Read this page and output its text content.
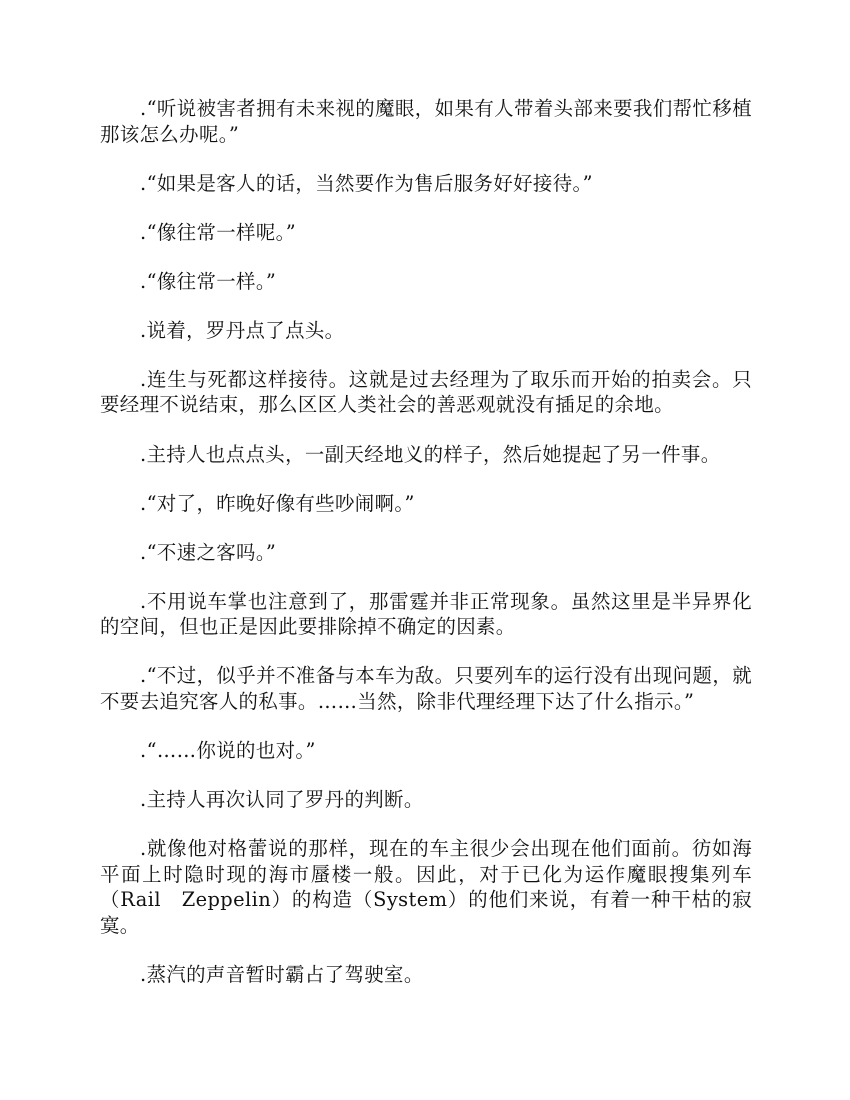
.“听说被害者拥有未来视的魔眼，如果有人带着头部来要我们帮忙移植那该怎么办呢。”

.“如果是客人的话，当然要作为售后服务好好接待。”

.“像往常一样呢。”

.“像往常一样。”

.说着，罗丹点了点头。

.连生与死都这样接待。这就是过去经理为了取乐而开始的拍卖会。只要经理不说结束，那么区区人类社会的善恶观就没有插足的余地。

.主持人也点点头，一副天经地义的样子，然后她提起了另一件事。

.“对了，昨晚好像有些吵闹啊。”

.“不速之客吗。”

.不用说车掌也注意到了，那雷霆并非正常现象。虽然这里是半异界化的空间，但也正是因此要排除掉不确定的因素。

.“不过，似乎并不准备与本车为敌。只要列车的运行没有出现问题，就不要去追究客人的私事。……当然，除非代理经理下达了什么指示。”

.“……你说的也对。”

.主持人再次认同了罗丹的判断。

.就像他对格蕾说的那样，现在的车主很少会出现在他们面前。彷如海平面上时隐时现的海市蜃楼一般。因此，对于已化为运作魔眼搜集列车（Rail　Zeppelin）的构造（System）的他们来说，有着一种干枯的寂寞。

.蒸汽的声音暂时霸占了驾驶室。
